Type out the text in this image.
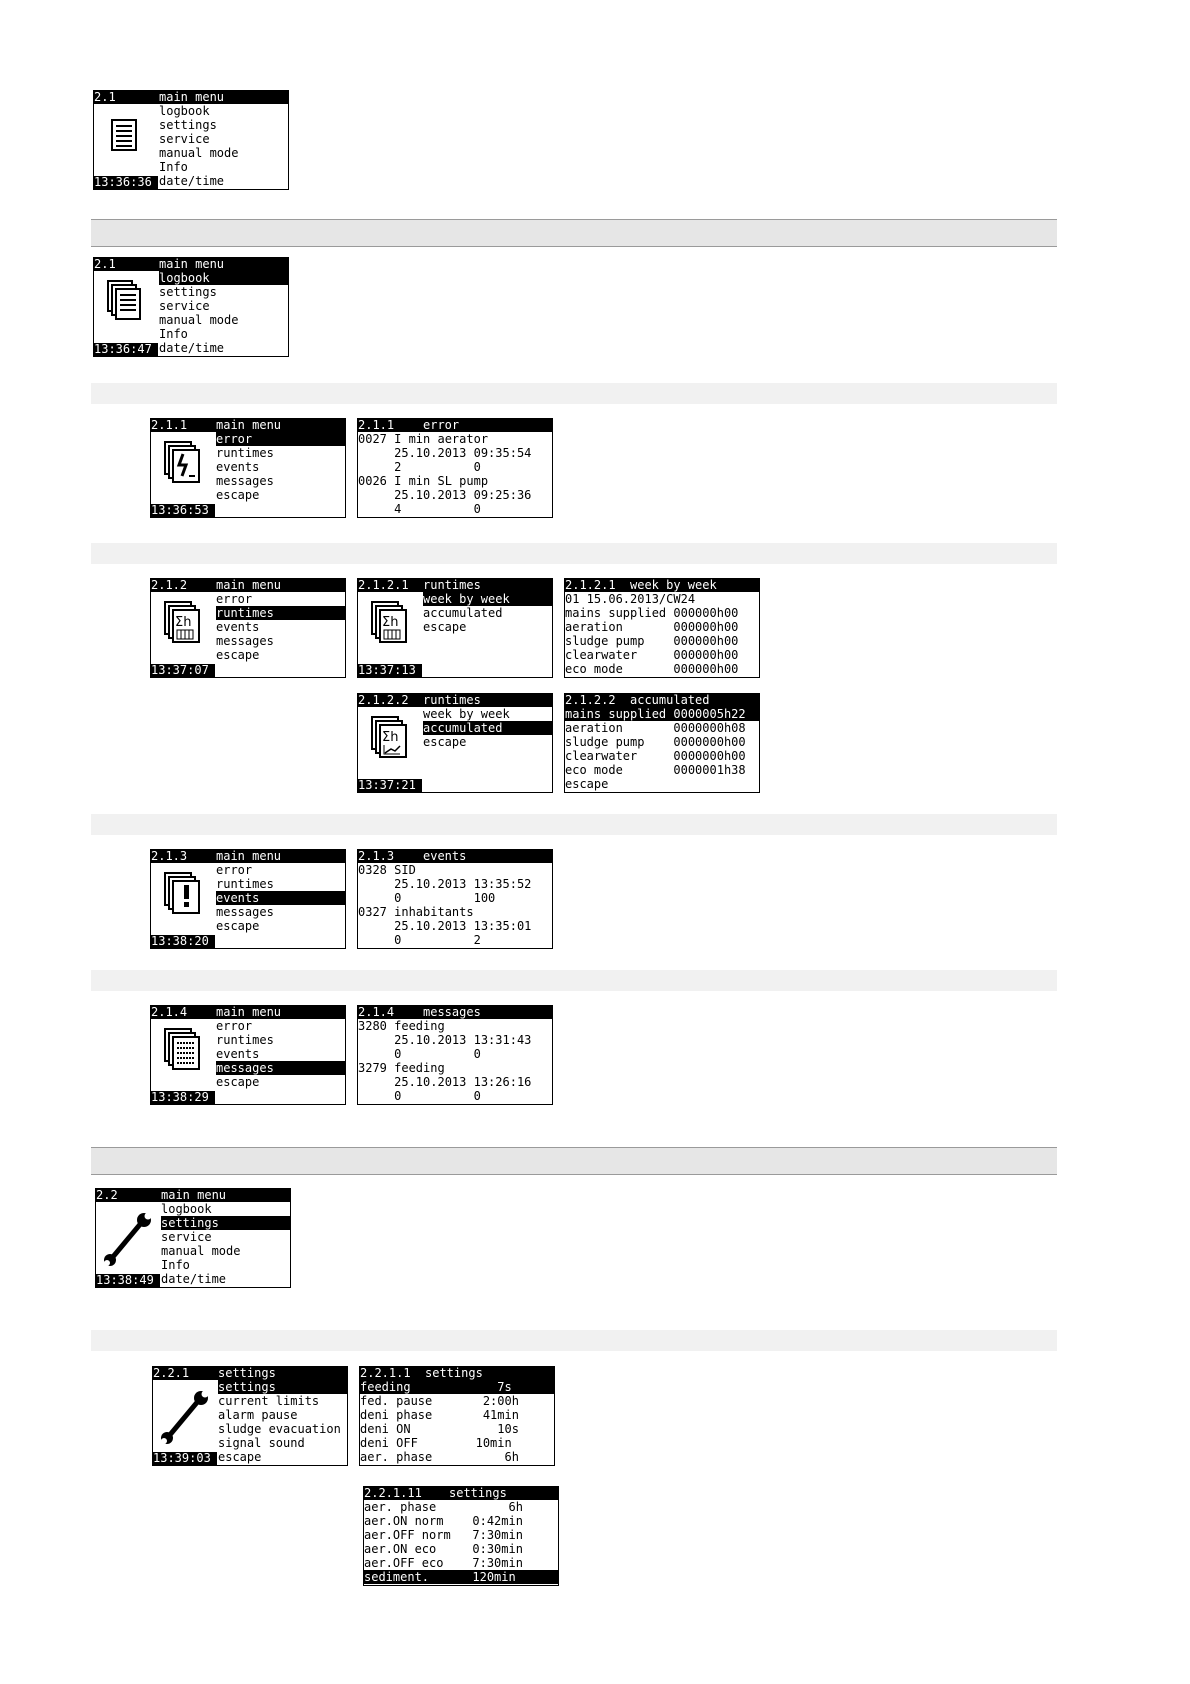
2.1	main menu
13:36:36
logbook
settings
service
manual mode
Info
date/time
2.1	main menu
13:36:47
logbook
settings
service
manual mode
Info
date/time
2.1.1 main menu
13:36:53
error
runtimes
events
messages
escape
2.1.1 error
0027 I min aerator
25.10.2013 09:35:54
2          0
0026 I min SL pump
25.10.2013 09:25:36
4          0
2.1.2 main menu
Σh
13:37:07
error
runtimes
events
messages
escape
2.1.2.1 runtimes
Σh
13:37:13
week by week
accumulated
escape
2.1.2.1 week by week
01 15.06.2013/CW24
mains supplied 000000h00
aeration       000000h00
sludge pump    000000h00
clearwater     000000h00
eco mode       000000h00
2.1.2.2 runtimes
Σh
13:37:21
week by week
accumulated
escape
2.1.2.2 accumulated
mains supplied 0000005h22
aeration       0000000h08
sludge pump    0000000h00
clearwater     0000000h00
eco mode       0000001h38
escape
2.1.3 main menu
13:38:20
error
runtimes
events
messages
escape
2.1.3 events
0328 SID
25.10.2013 13:35:52
0          100
0327 inhabitants
25.10.2013 13:35:01
0          2
2.1.4 main menu
13:38:29
error
runtimes
events
messages
escape
2.1.4 messages
3280 feeding
25.10.2013 13:31:43
0          0
3279 feeding
25.10.2013 13:26:16
0          0
2.2	main menu
13:38:49
logbook
settings
service
manual mode
Info
date/time
2.2.1 settings
13:39:03
settings
current limits
alarm pause
sludge evacuation
signal sound
escape
2.2.1.1 settings
feeding            7s
fed. pause       2:00h
deni phase       41min
deni ON            10s
deni OFF        10min
aer. phase          6h
2.2.1.11 settings
aer. phase          6h
aer.ON norm    0:42min
aer.OFF norm   7:30min
aer.ON eco     0:30min
aer.OFF eco    7:30min
sediment.      120min
